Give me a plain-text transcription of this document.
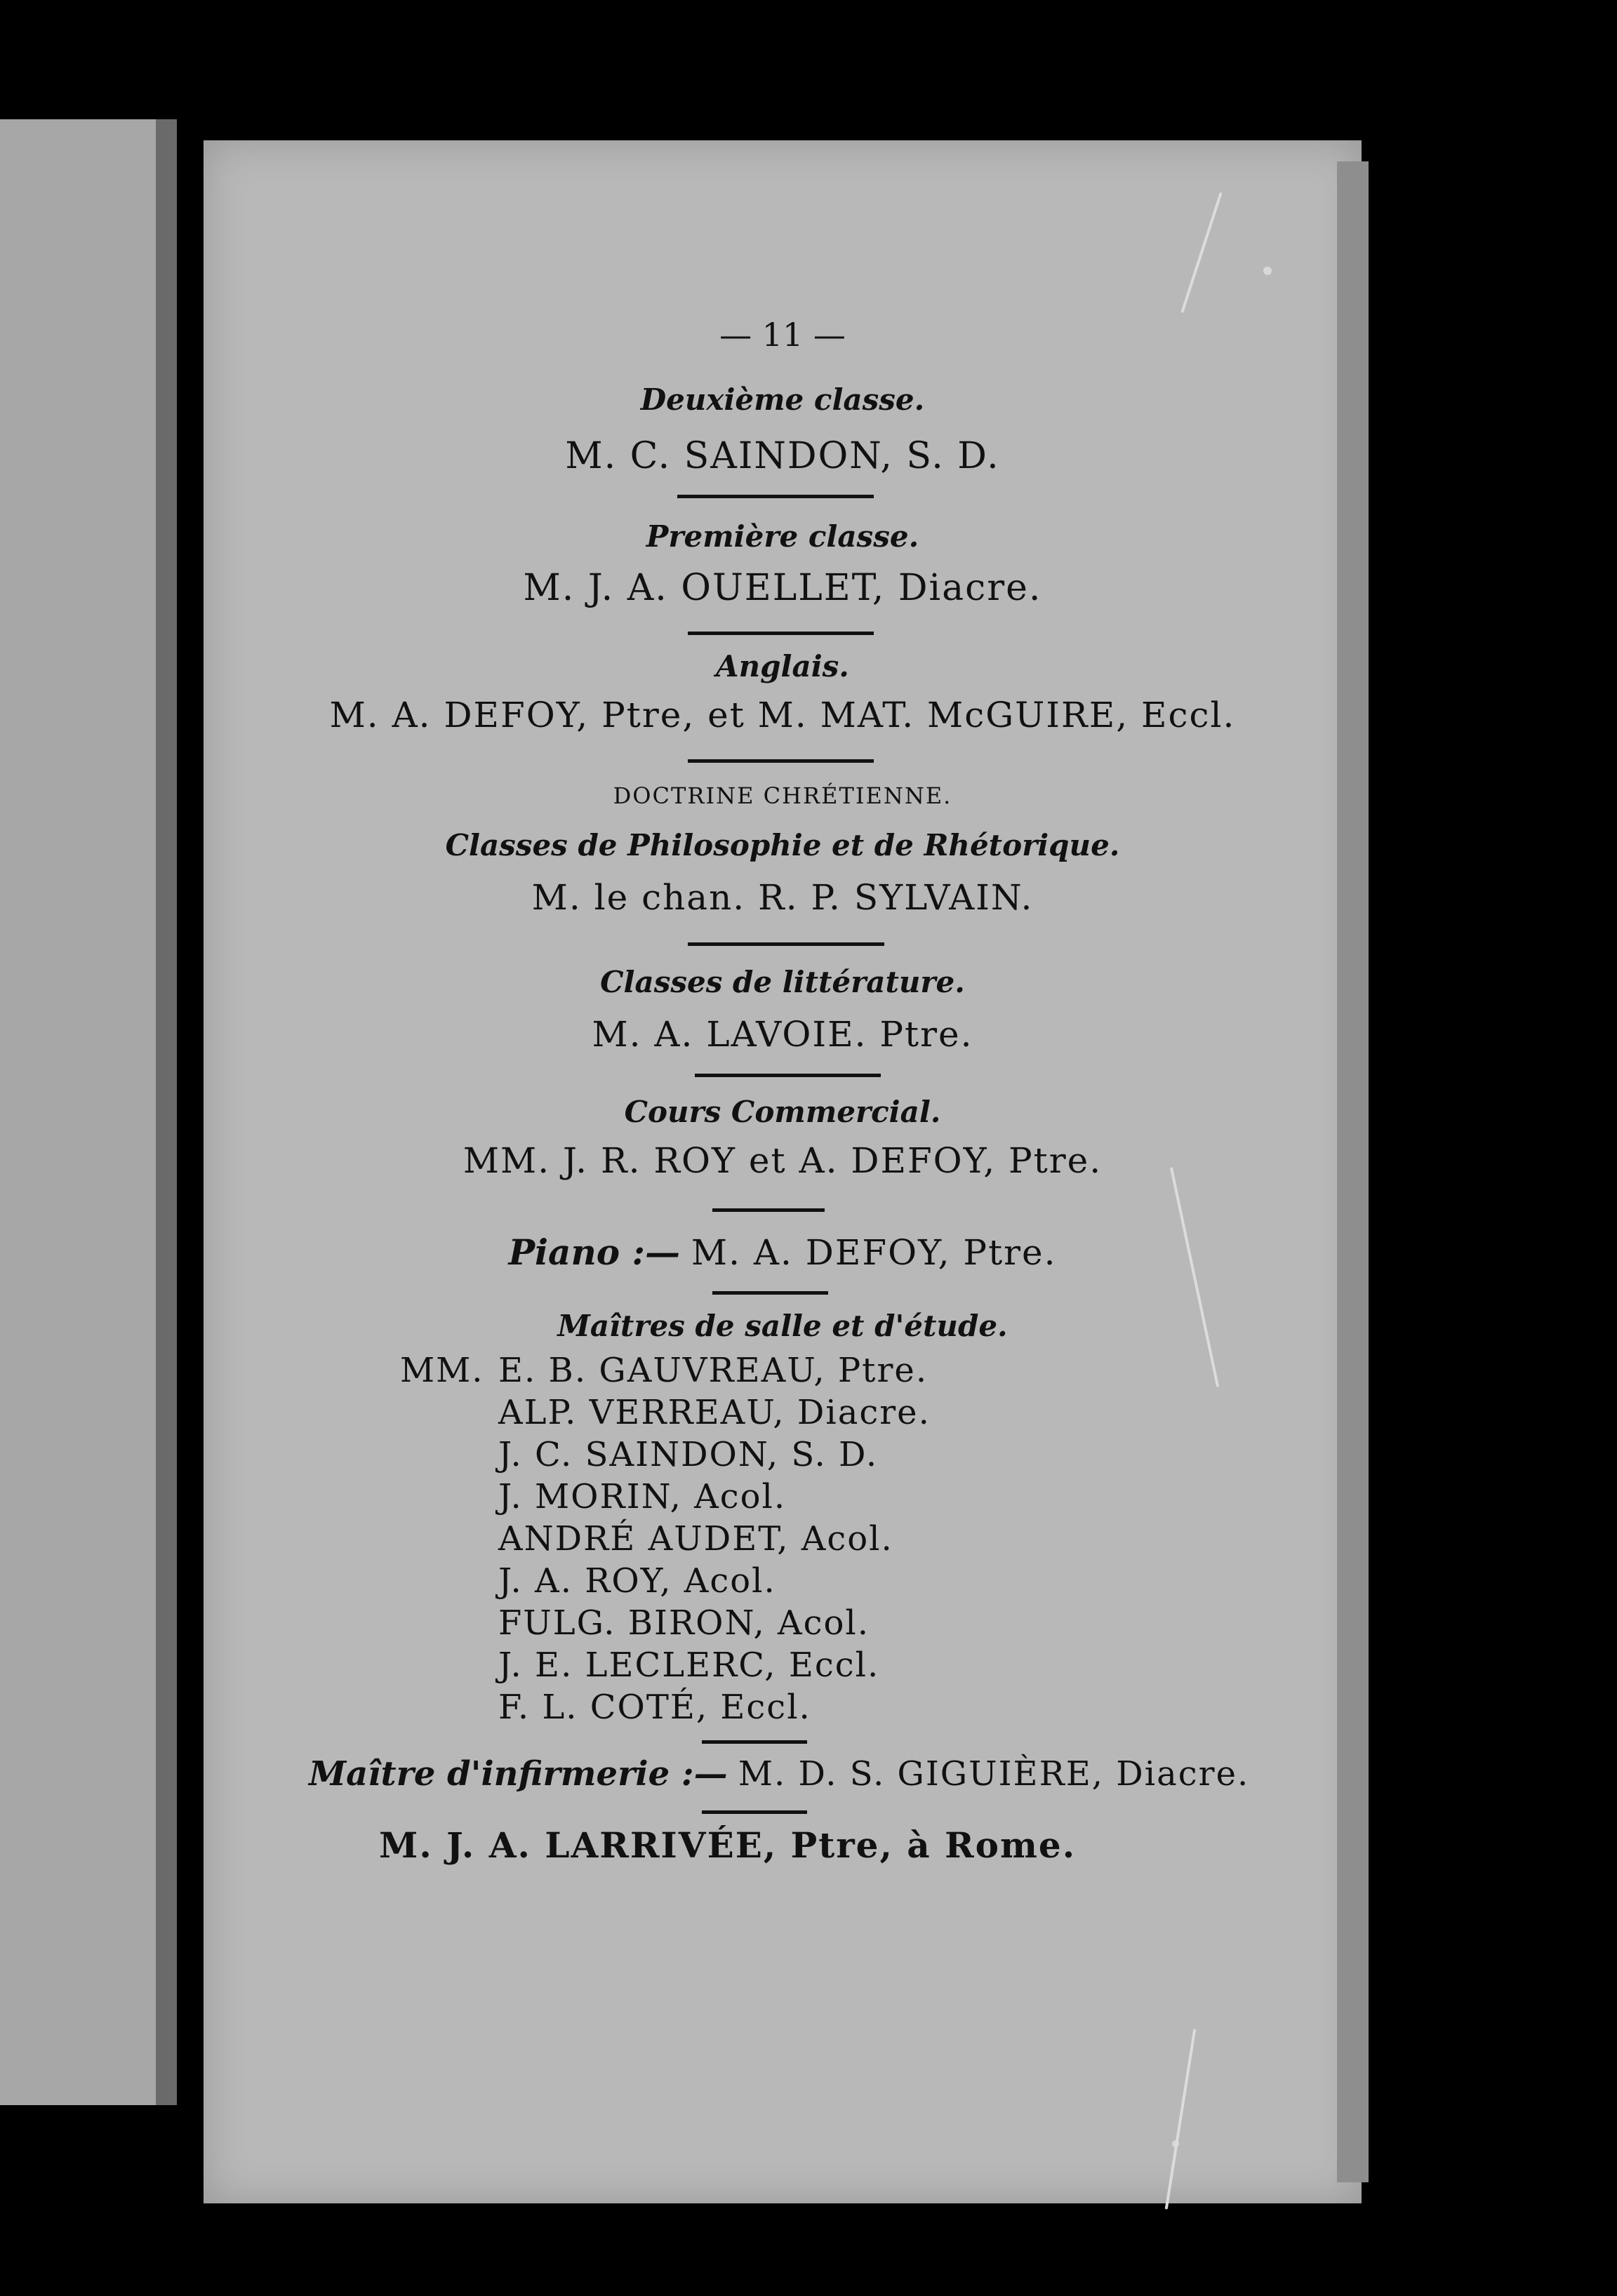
— 11 —
Deuxième classe.
M. C. SAINDON, S. D.
Première classe.
M. J. A. OUELLET, Diacre.
Anglais.
M. A. DEFOY, Ptre, et M. MAT. McGUIRE, Eccl.
DOCTRINE CHRÉTIENNE.
Classes de Philosophie et de Rhétorique.
M. le chan. R. P. SYLVAIN.
Classes de littérature.
M. A. LAVOIE. Ptre.
Cours Commercial.
MM. J. R. ROY et A. DEFOY, Ptre.
Piano :— M. A. DEFOY, Ptre.
Maîtres de salle et d'étude.
MM. E. B. GAUVREAU, Ptre.
ALP. VERREAU, Diacre.
J. C. SAINDON, S. D.
J. MORIN, Acol.
ANDRÉ AUDET, Acol.
J. A. ROY, Acol.
FULG. BIRON, Acol.
J. E. LECLERC, Eccl.
F. L. COTÉ, Eccl.
Maître d'infirmerie :— M. D. S. GIGUIÈRE, Diacre.
M. J. A. LARRIVÉE, Ptre, à Rome.
